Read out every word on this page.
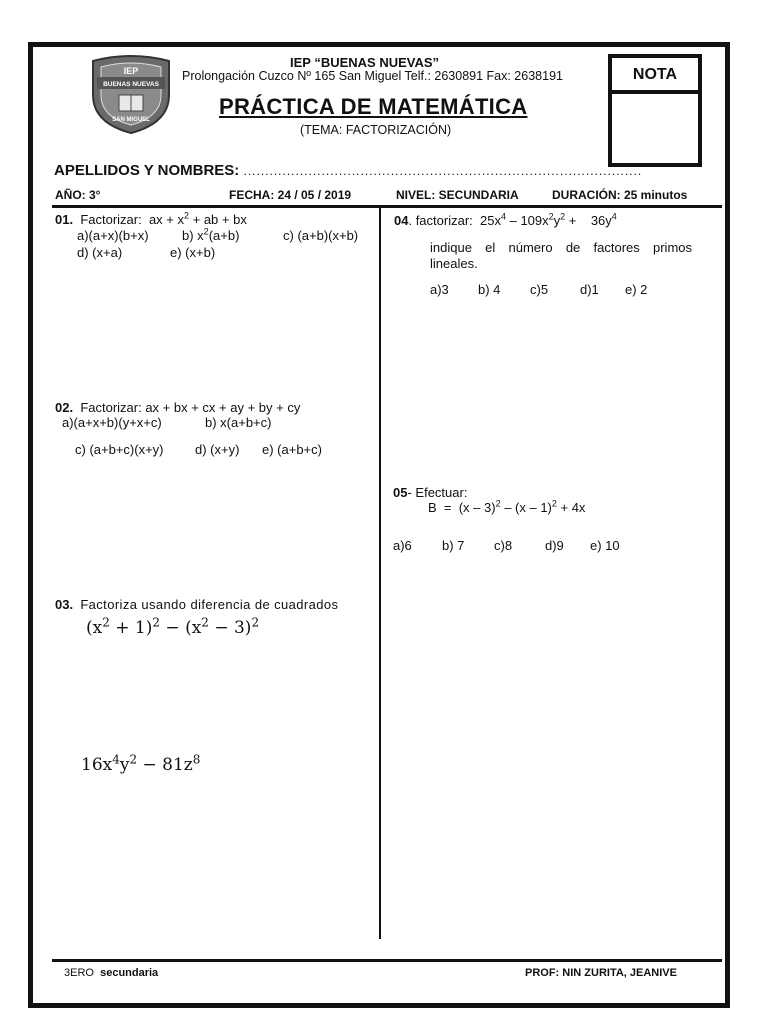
IEP
BUENAS NUEVAS
SAN MIGUEL
IEP “BUENAS NUEVAS”
Prolongación Cuzco Nº 165 San Miguel Telf.: 2630891 Fax: 2638191
PRÁCTICA DE MATEMÁTICA
(TEMA: FACTORIZACIÓN)
NOTA
APELLIDOS Y NOMBRES: ............................................................................................
AÑO: 3°	FECHA: 24 / 05 / 2019	NIVEL: SECUNDARIA	DURACIÓN: 25 minutos
01. Factorizar: ax + $x^2$ + ab + bx
a)(a+x)(b+x)	b) $x^2(a+b)$	c) (a+b)(x+b)
d) (x+a)	e) (x+b)
02. Factorizar: ax + bx + cx + ay + by + cy
a)(a+x+b)(y+x+c)	b) x(a+b+c)
c) (a+b+c)(x+y) d) (x+y) e) (a+b+c)
03. Factoriza usando diferencia de cuadrados
$(x^2 + 1)^2 - (x^2 - 3)^2$
$16x^4y^2 - 81z^8$
04. factorizar: $25x^4 - 109x^2y^2$ +    $36y^4$
indique el número de factores primos lineales.
a)3 b) 4 c)5 d)1 e) 2
05- Efectuar:
B  =  (x – 3)$^2$ – (x – 1)$^2$ + 4x
a)6 b) 7 c)8	d)9 e) 10
3ERO secundaria	PROF: NIN ZURITA, JEANIVE
